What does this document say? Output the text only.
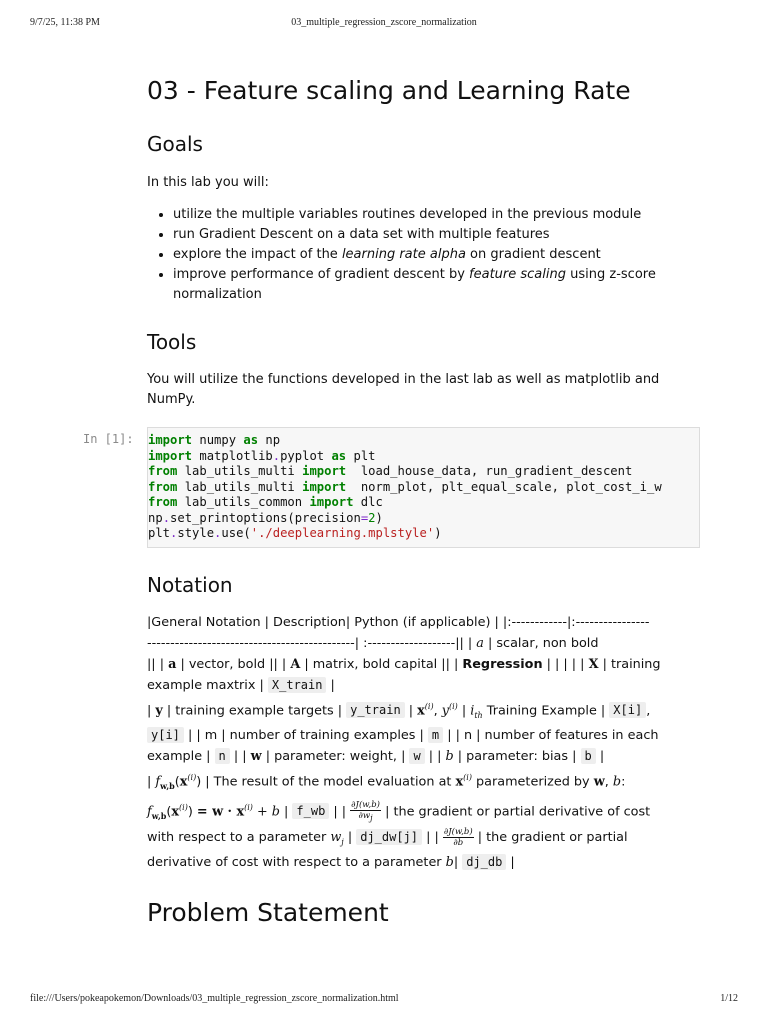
9/7/25, 11:38 PM	03_multiple_regression_zscore_normalization
03 - Feature scaling and Learning Rate
Goals

In this lab you will:

• utilize the multiple variables routines developed in the previous module
• run Gradient Descent on a data set with multiple features
• explore the impact of the learning rate alpha on gradient descent
• improve performance of gradient descent by feature scaling using z-score normalization
Tools

You will utilize the functions developed in the last lab as well as matplotlib and NumPy.

In [1]: import numpy as np
import matplotlib.pyplot as plt
from lab_utils_multi import  load_house_data, run_gradient_descent
from lab_utils_multi import  norm_plot, plt_equal_scale, plot_cost_i_w
from lab_utils_common import dlc
np.set_printoptions(precision=2)
plt.style.use('./deeplearning.mplstyle')
Notation
|General Notation | Description| Python (if applicable) | |:------------|:----------------
---------------------------------------------| :-------------------|| | a | scalar, non bold
|| | a | vector, bold || | A | matrix, bold capital || | Regression | | | | | X | training
example maxtrix | X_train |
| y | training example targets | y_train | $x^{(i)}$, $y^{(i)}$ | $i_{th}$ Training Example | X[i] ,
y[i] | | m | number of training examples | m | | n | number of features in each
example | n | | w | parameter: weight, | w | | b | parameter: bias | b |
| $f_{w,b}(x^{(i)})$ | The result of the model evaluation at $x^{(i)}$ parameterized by w, b:
$f_{w,b}(x^{(i)}) = w \cdot x^{(i)} + b$ | f_wb | | $\frac{\partial J(w,b)}{\partial w_j}$ | the gradient or partial derivative of cost
with respect to a parameter $w_j$ | dj_dw[j] | | $\frac{\partial J(w,b)}{\partial b}$ | the gradient or partial
derivative of cost with respect to a parameter b| dj_db |
Problem Statement
file:///Users/pokeapokemon/Downloads/03_multiple_regression_zscore_normalization.html	1/12
